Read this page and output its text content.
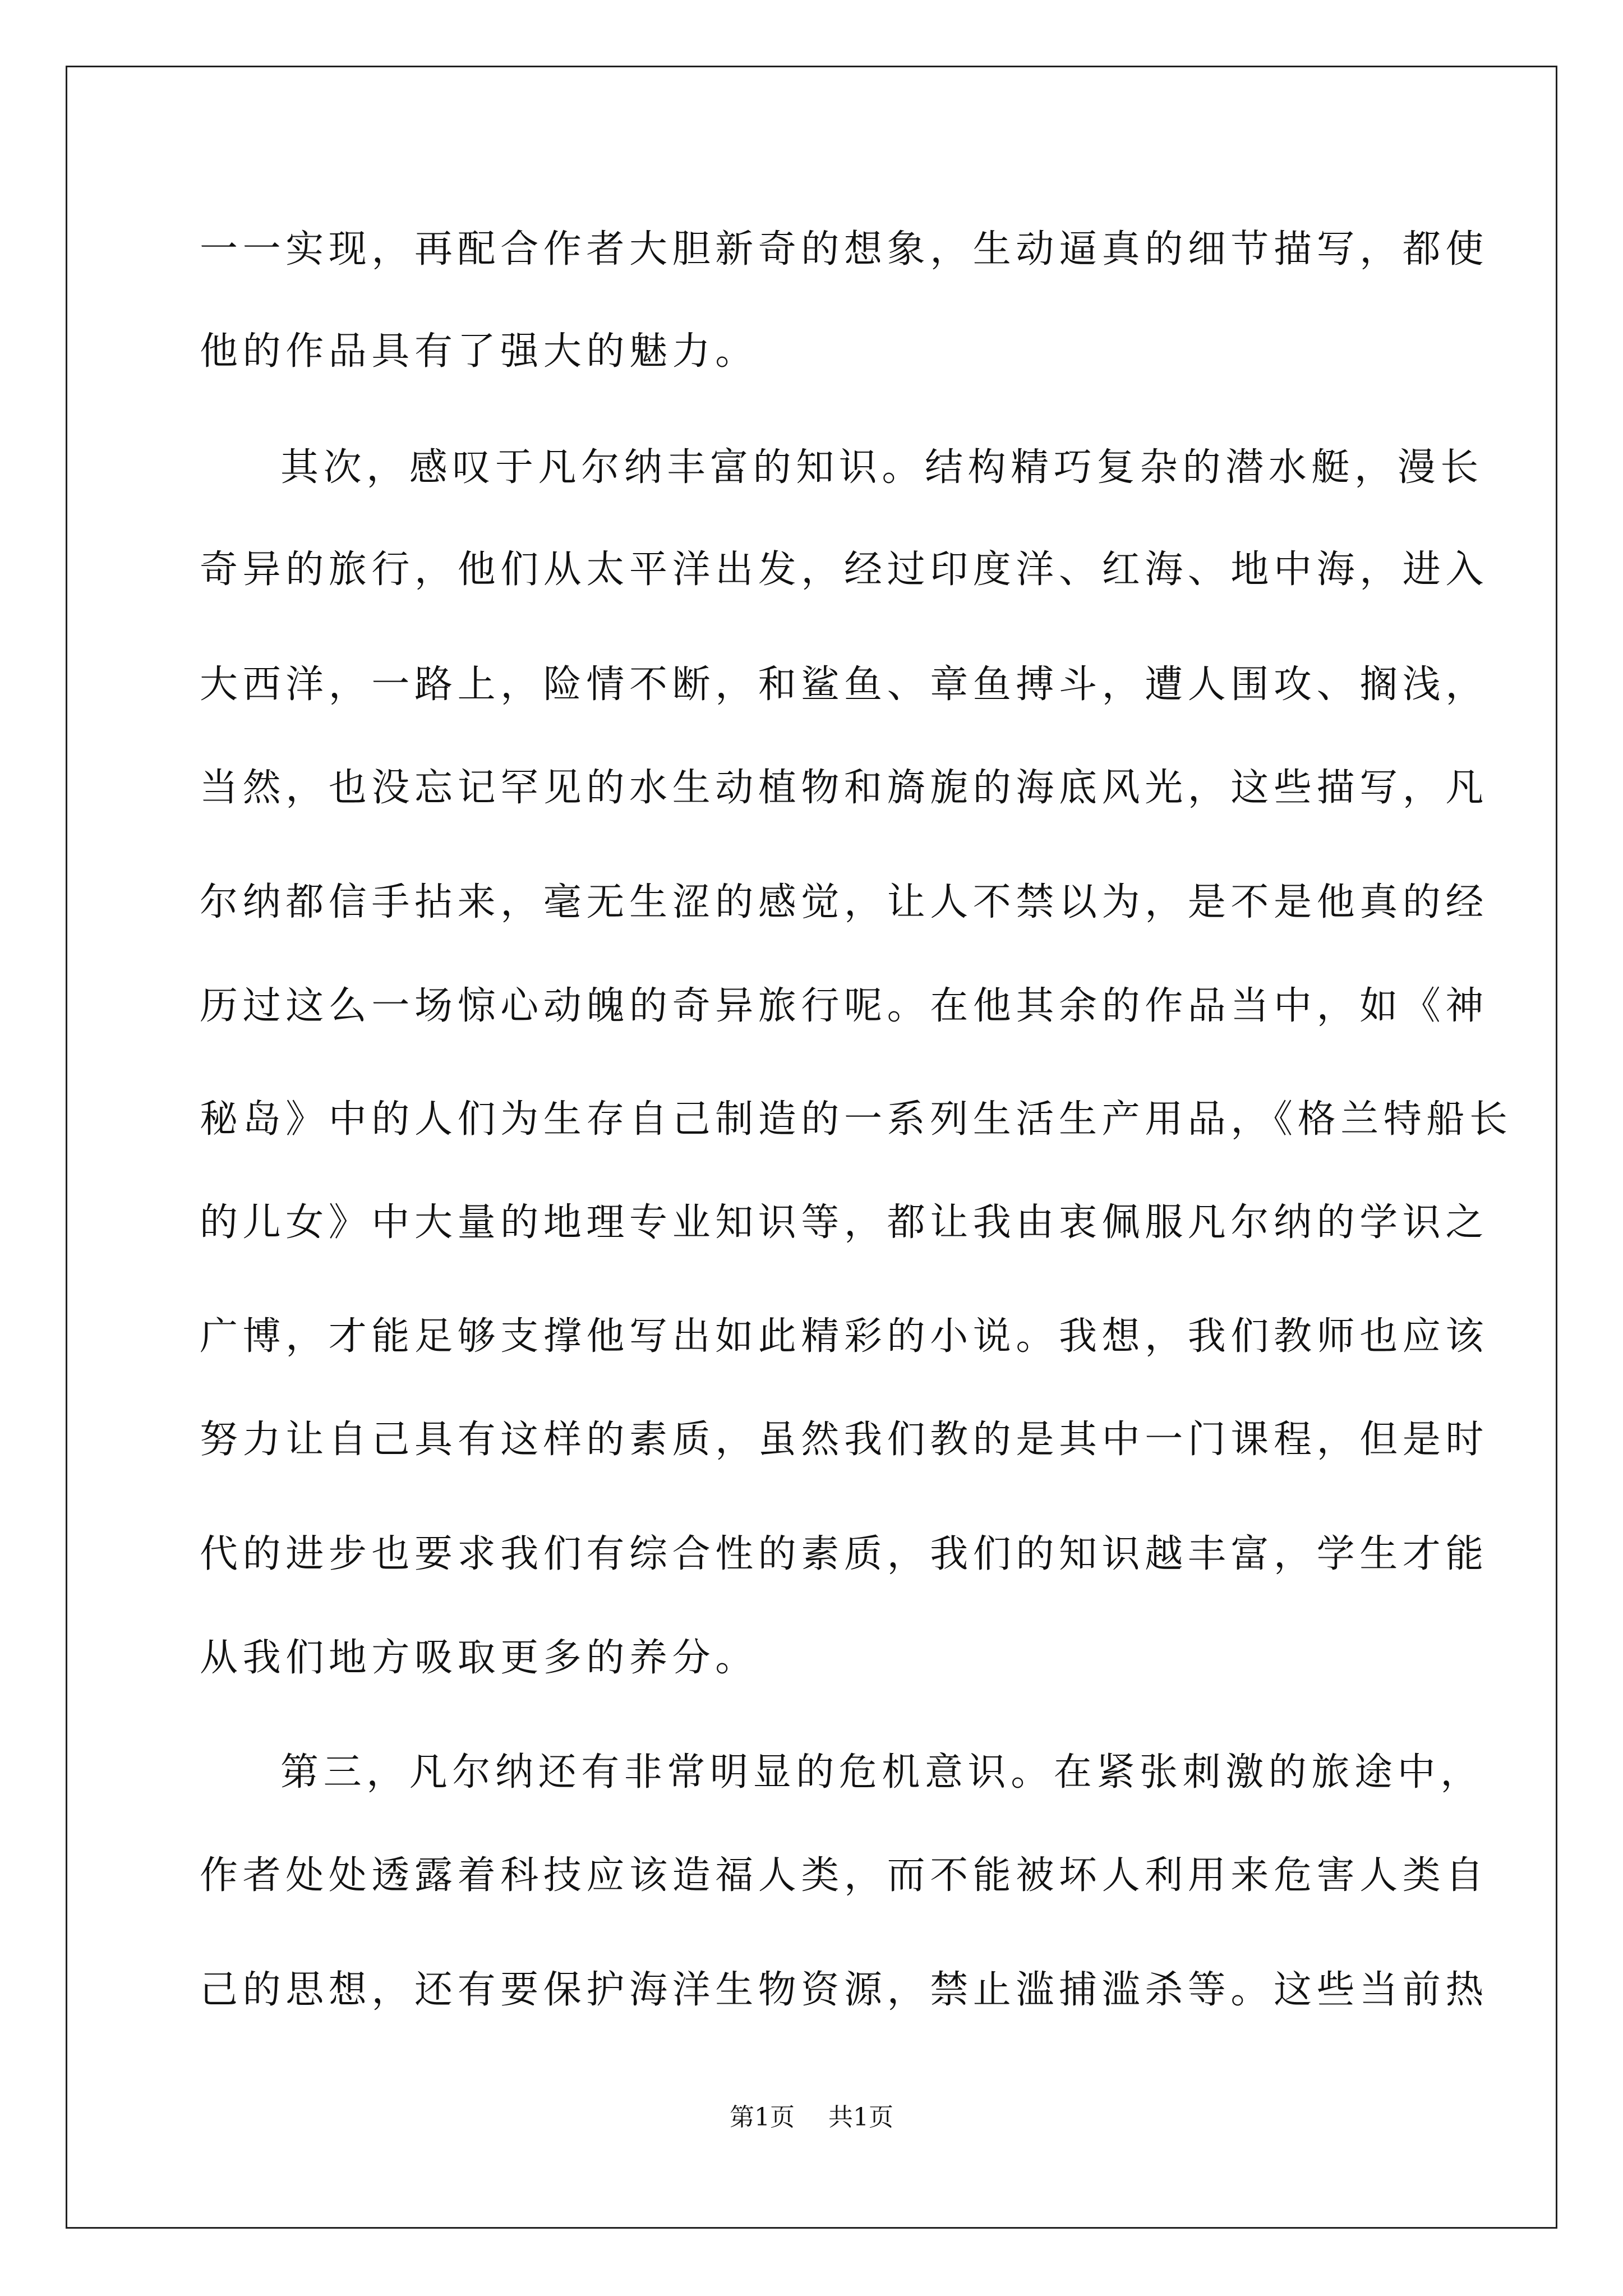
一一实现，再配合作者大胆新奇的想象，生动逼真的细节描写，都使
他的作品具有了强大的魅力。
其次，感叹于凡尔纳丰富的知识。结构精巧复杂的潜水艇，漫长
奇异的旅行，他们从太平洋出发，经过印度洋、红海、地中海，进入
大西洋，一路上，险情不断，和鲨鱼、章鱼搏斗，遭人围攻、搁浅，
当然，也没忘记罕见的水生动植物和旖旎的海底风光，这些描写，凡
尔纳都信手拈来，毫无生涩的感觉，让人不禁以为，是不是他真的经
历过这么一场惊心动魄的奇异旅行呢。在他其余的作品当中，如《神
秘岛》中的人们为生存自己制造的一系列生活生产用品，《格兰特船长
的儿女》中大量的地理专业知识等，都让我由衷佩服凡尔纳的学识之
广博，才能足够支撑他写出如此精彩的小说。我想，我们教师也应该
努力让自己具有这样的素质，虽然我们教的是其中一门课程，但是时
代的进步也要求我们有综合性的素质，我们的知识越丰富，学生才能
从我们地方吸取更多的养分。
第三，凡尔纳还有非常明显的危机意识。在紧张刺激的旅途中，
作者处处透露着科技应该造福人类，而不能被坏人利用来危害人类自
己的思想，还有要保护海洋生物资源，禁止滥捕滥杀等。这些当前热
第1页 共1页
